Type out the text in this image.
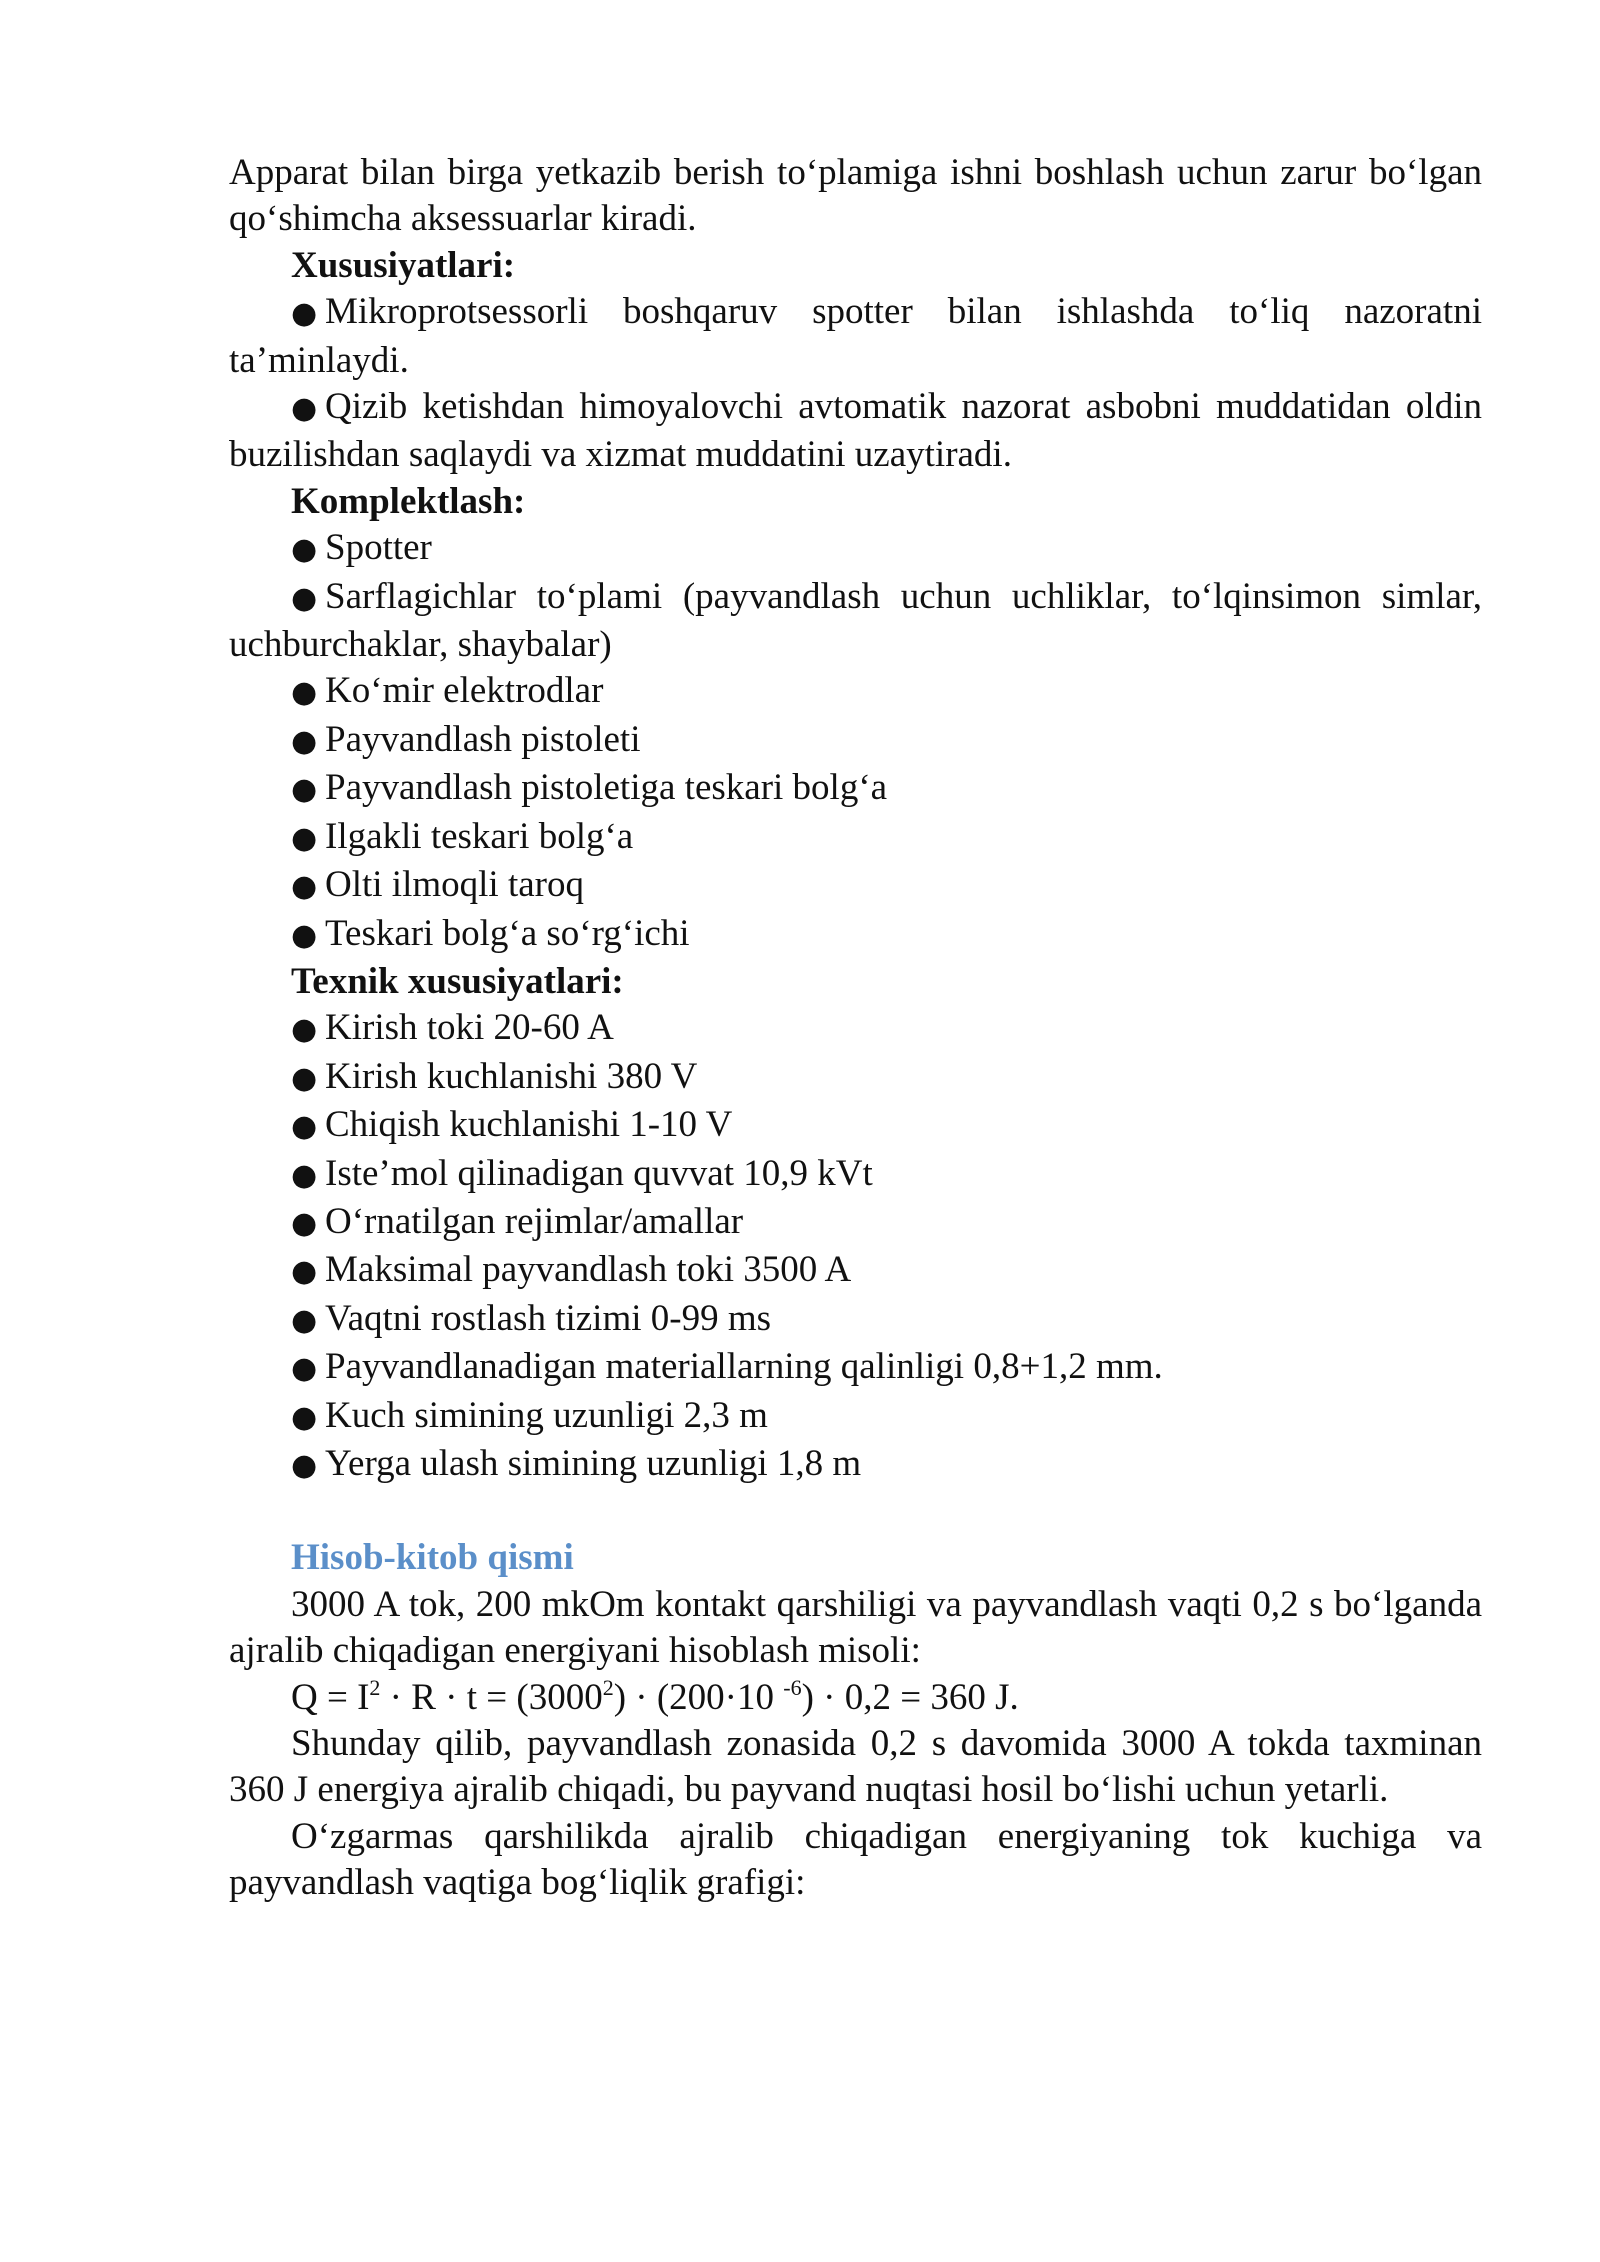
Apparat bilan birga yetkazib berish to‘plamiga ishni boshlash uchun zarur bo‘lgan qo‘shimcha aksessuarlar kiradi.

Xususiyatlari:

● Mikroprotsessorli boshqaruv spotter bilan ishlashda to‘liq nazoratni ta’minlaydi.

● Qizib ketishdan himoyalovchi avtomatik nazorat asbobni muddatidan oldin buzilishdan saqlaydi va xizmat muddatini uzaytiradi.

Komplektlash:

● Spotter

● Sarflagichlar to‘plami (payvandlash uchun uchliklar, to‘lqinsimon simlar, uchburchaklar, shaybalar)

● Ko‘mir elektrodlar

● Payvandlash pistoleti

● Payvandlash pistoletiga teskari bolg‘a

● Ilgakli teskari bolg‘a

● Olti ilmoqli taroq

● Teskari bolg‘a so‘rg‘ichi

Texnik xususiyatlari:

● Kirish toki 20-60 A

● Kirish kuchlanishi 380 V

● Chiqish kuchlanishi 1-10 V

● Iste’mol qilinadigan quvvat 10,9 kVt

● O‘rnatilgan rejimlar/amallar

● Maksimal payvandlash toki 3500 A

● Vaqtni rostlash tizimi 0-99 ms

● Payvandlanadigan materiallarning qalinligi 0,8+1,2 mm.

● Kuch simining uzunligi 2,3 m

● Yerga ulash simining uzunligi 1,8 m

Hisob-kitob qismi

3000 A tok, 200 mkOm kontakt qarshiligi va payvandlash vaqti 0,2 s bo‘lganda ajralib chiqadigan energiyani hisoblash misoli:

$Q = I^2 \cdot R \cdot t = (3000^2) \cdot (200\cdot 10$ $^{-6}$) · 0,2 = 360 J.

Shunday qilib, payvandlash zonasida 0,2 s davomida 3000 A tokda taxminan 360 J energiya ajralib chiqadi, bu payvand nuqtasi hosil bo‘lishi uchun yetarli.

O‘zgarmas qarshilikda ajralib chiqadigan energiyaning tok kuchiga va payvandlash vaqtiga bog‘liqlik grafigi:
